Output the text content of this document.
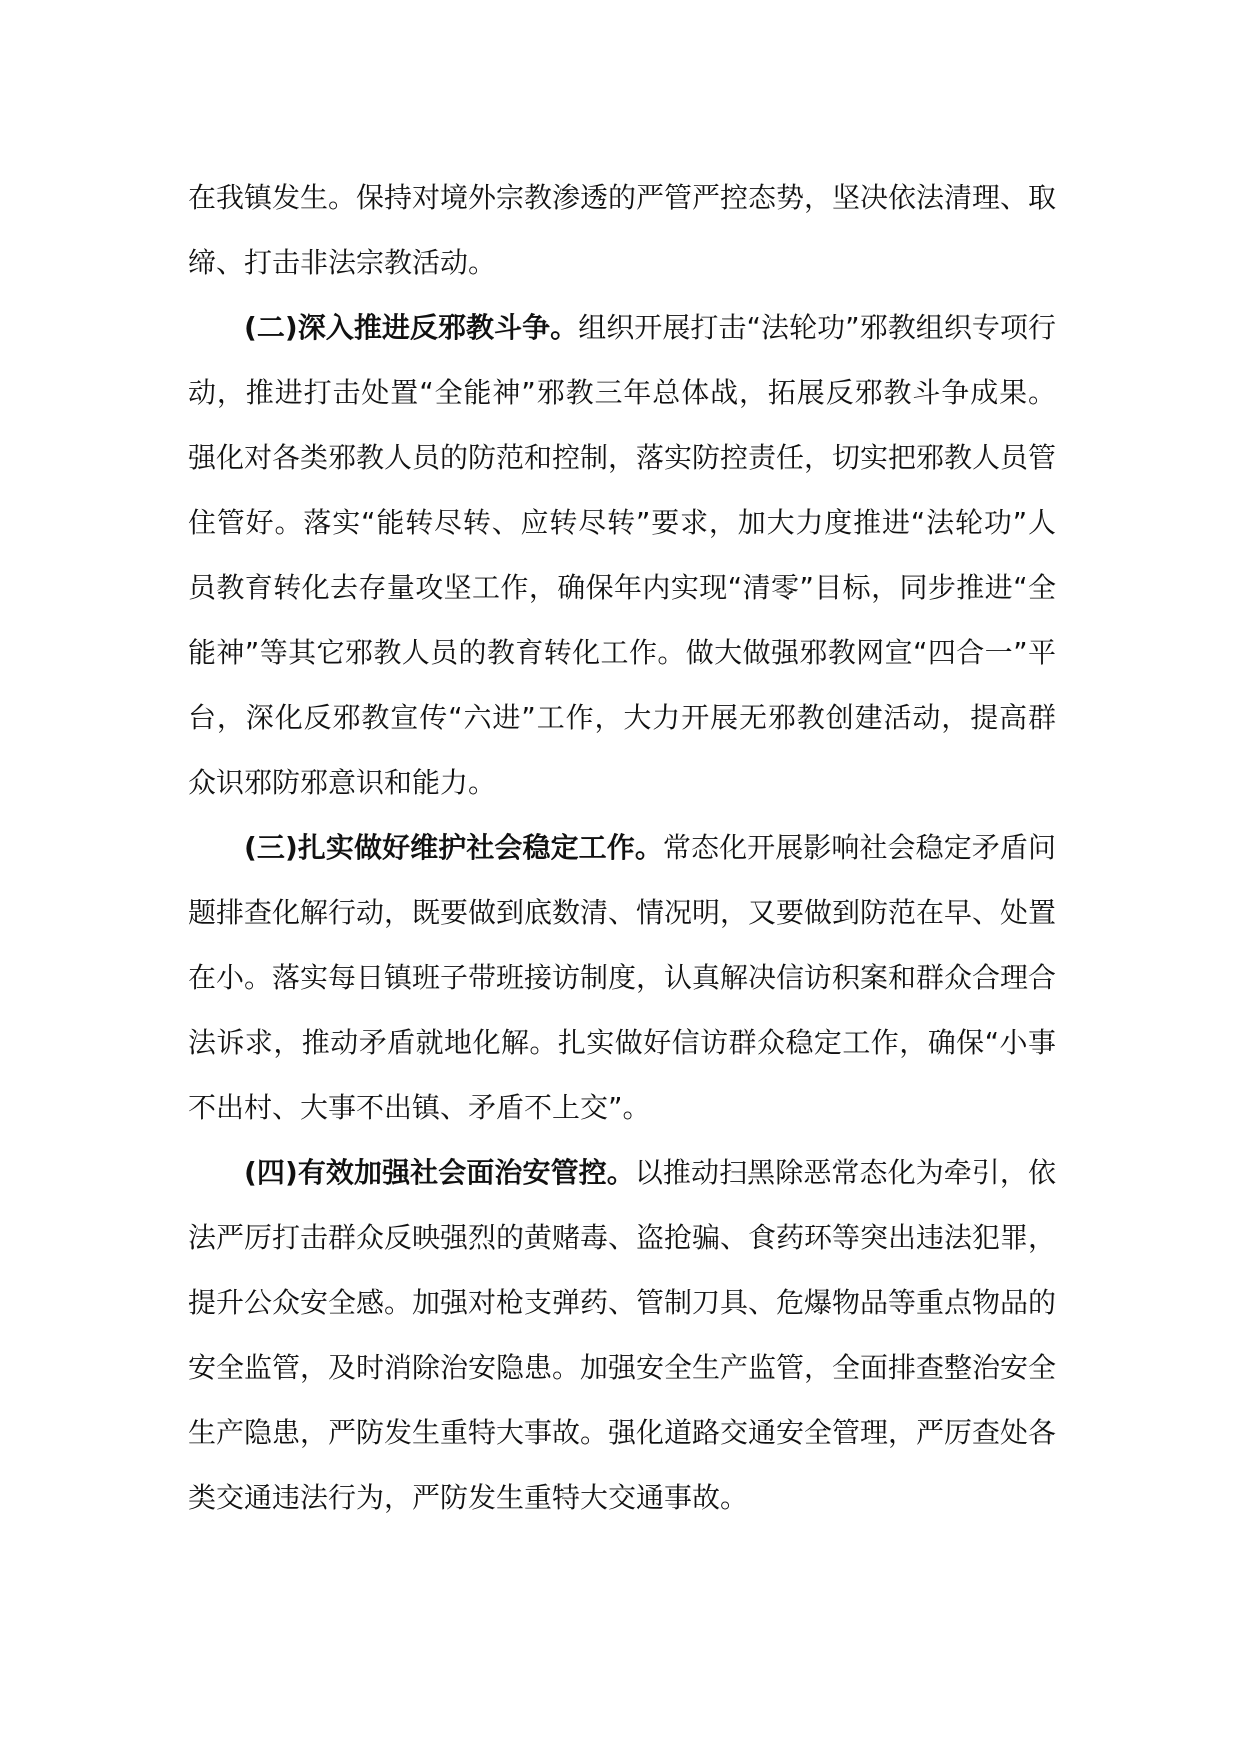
在我镇发生。保持对境外宗教渗透的严管严控态势，坚决依法清理、取缔、打击非法宗教活动。

(二)深入推进反邪教斗争。组织开展打击“法轮功”邪教组织专项行动，推进打击处置“全能神”邪教三年总体战，拓展反邪教斗争成果。强化对各类邪教人员的防范和控制，落实防控责任，切实把邪教人员管住管好。落实“能转尽转、应转尽转”要求，加大力度推进“法轮功”人员教育转化去存量攻坚工作，确保年内实现“清零”目标，同步推进“全能神”等其它邪教人员的教育转化工作。做大做强邪教网宣“四合一”平台，深化反邪教宣传“六进”工作，大力开展无邪教创建活动，提高群众识邪防邪意识和能力。

(三)扎实做好维护社会稳定工作。常态化开展影响社会稳定矛盾问题排查化解行动，既要做到底数清、情况明，又要做到防范在早、处置在小。落实每日镇班子带班接访制度，认真解决信访积案和群众合理合法诉求，推动矛盾就地化解。扎实做好信访群众稳定工作，确保“小事不出村、大事不出镇、矛盾不上交”。

(四)有效加强社会面治安管控。以推动扫黑除恶常态化为牵引，依法严厉打击群众反映强烈的黄赌毒、盗抢骗、食药环等突出违法犯罪，提升公众安全感。加强对枪支弹药、管制刀具、危爆物品等重点物品的安全监管，及时消除治安隐患。加强安全生产监管，全面排查整治安全生产隐患，严防发生重特大事故。强化道路交通安全管理，严厉查处各类交通违法行为，严防发生重特大交通事故。
